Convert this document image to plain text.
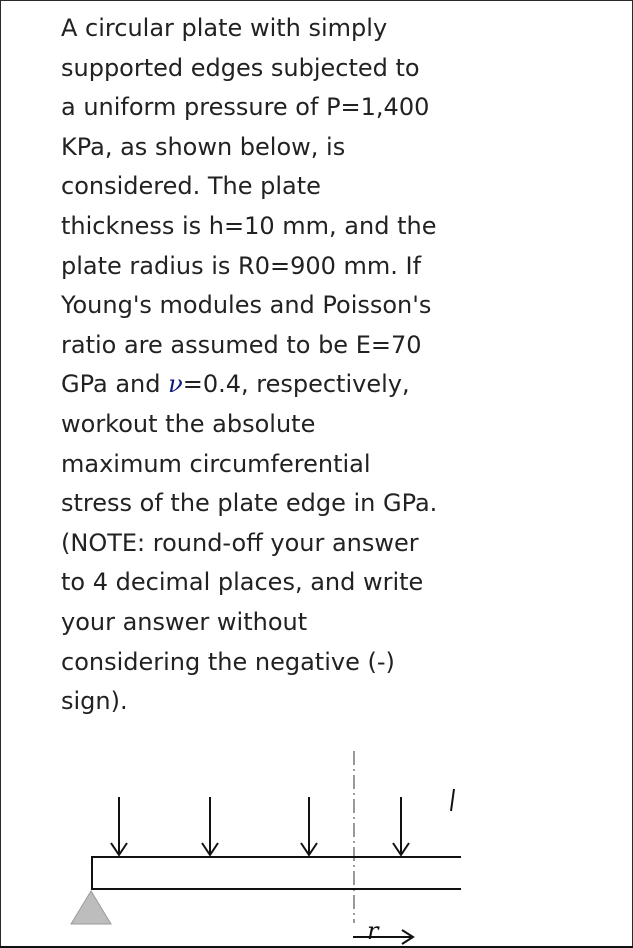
A circular plate with simply
supported edges subjected to
a uniform pressure of P=1,400
KPa, as shown below, is
considered. The plate
thickness is h=10 mm, and the
plate radius is R0=900 mm. If
Young's modules and Poisson's
ratio are assumed to be E=70
GPa and ν=0.4, respectively,
workout the absolute
maximum circumferential
stress of the plate edge in GPa.
(NOTE: round-off your answer
to 4 decimal places, and write
your answer without
considering the negative (-)
sign).
r
